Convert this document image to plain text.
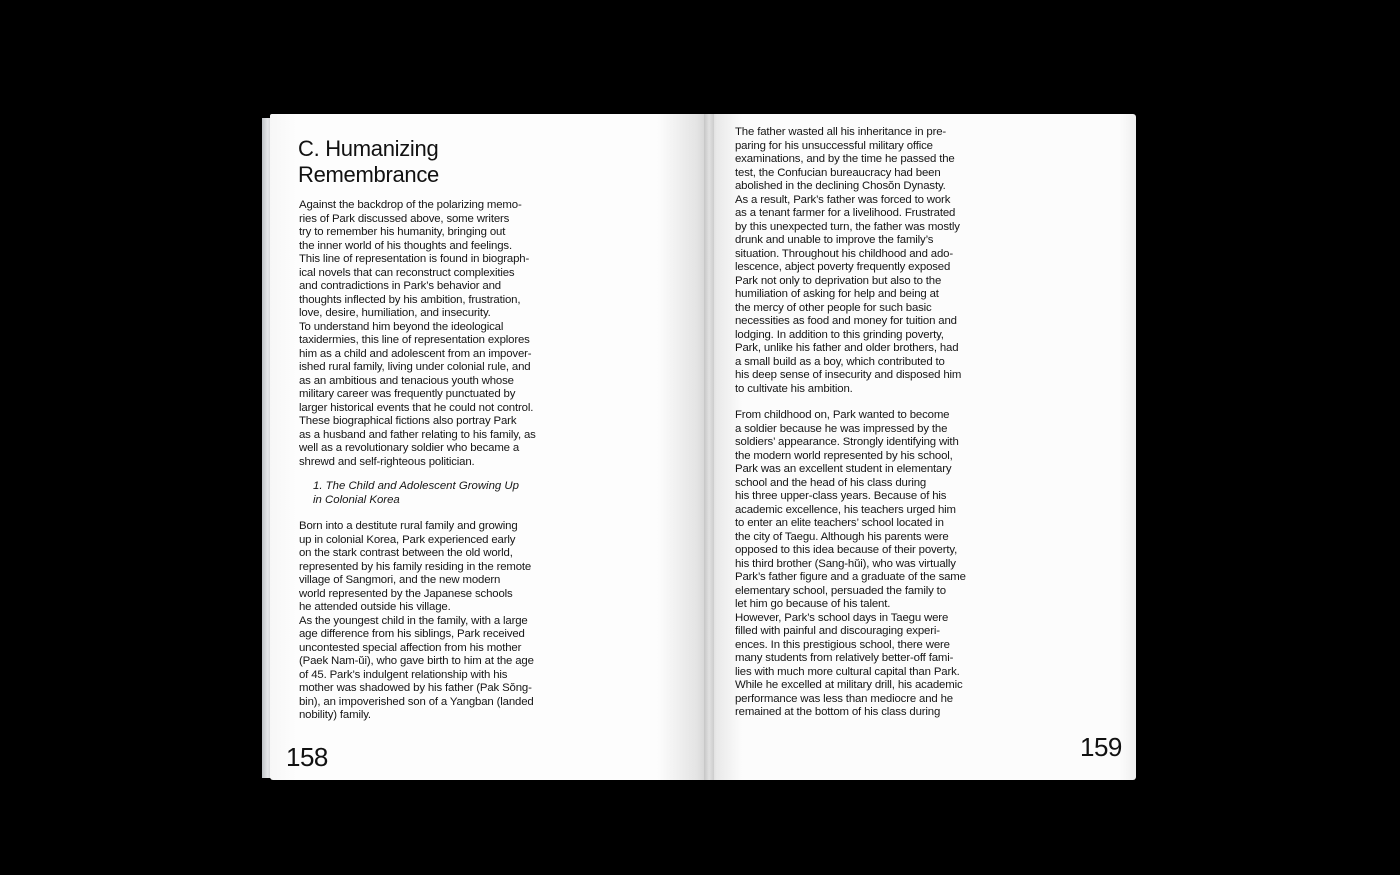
C. Humanizing
Remembrance
Against the backdrop of the polarizing memo-
ries of Park discussed above, some writers
try to remember his humanity, bringing out
the inner world of his thoughts and feelings.
This line of representation is found in biograph-
ical novels that can reconstruct complexities
and contradictions in Park’s behavior and
thoughts inflected by his ambition, frustration,
love, desire, humiliation, and insecurity.
To understand him beyond the ideological
taxidermies, this line of representation explores
him as a child and adolescent from an impover-
ished rural family, living under colonial rule, and
as an ambitious and tenacious youth whose
military career was frequently punctuated by
larger historical events that he could not control.
These biographical fictions also portray Park
as a husband and father relating to his family, as
well as a revolutionary soldier who became a
shrewd and self-righteous politician.
1. The Child and Adolescent Growing Up
in Colonial Korea
Born into a destitute rural family and growing
up in colonial Korea, Park experienced early
on the stark contrast between the old world,
represented by his family residing in the remote
village of Sangmori, and the new modern
world represented by the Japanese schools
he attended outside his village.
As the youngest child in the family, with a large
age difference from his siblings, Park received
uncontested special affection from his mother
(Paek Nam-ŭi), who gave birth to him at the age
of 45. Park’s indulgent relationship with his
mother was shadowed by his father (Pak Sŏng-
bin), an impoverished son of a Yangban (landed
nobility) family.
158
The father wasted all his inheritance in pre-
paring for his unsuccessful military office
examinations, and by the time he passed the
test, the Confucian bureaucracy had been
abolished in the declining Chosŏn Dynasty.
As a result, Park’s father was forced to work
as a tenant farmer for a livelihood. Frustrated
by this unexpected turn, the father was mostly
drunk and unable to improve the family’s
situation. Throughout his childhood and ado-
lescence, abject poverty frequently exposed
Park not only to deprivation but also to the
humiliation of asking for help and being at
the mercy of other people for such basic
necessities as food and money for tuition and
lodging. In addition to this grinding poverty,
Park, unlike his father and older brothers, had
a small build as a boy, which contributed to
his deep sense of insecurity and disposed him
to cultivate his ambition.
From childhood on, Park wanted to become
a soldier because he was impressed by the
soldiers’ appearance. Strongly identifying with
the modern world represented by his school,
Park was an excellent student in elementary
school and the head of his class during
his three upper-class years. Because of his
academic excellence, his teachers urged him
to enter an elite teachers’ school located in
the city of Taegu. Although his parents were
opposed to this idea because of their poverty,
his third brother (Sang-hŭi), who was virtually
Park’s father figure and a graduate of the same
elementary school, persuaded the family to
let him go because of his talent.
However, Park’s school days in Taegu were
filled with painful and discouraging experi-
ences. In this prestigious school, there were
many students from relatively better-off fami-
lies with much more cultural capital than Park.
While he excelled at military drill, his academic
performance was less than mediocre and he
remained at the bottom of his class during
159
